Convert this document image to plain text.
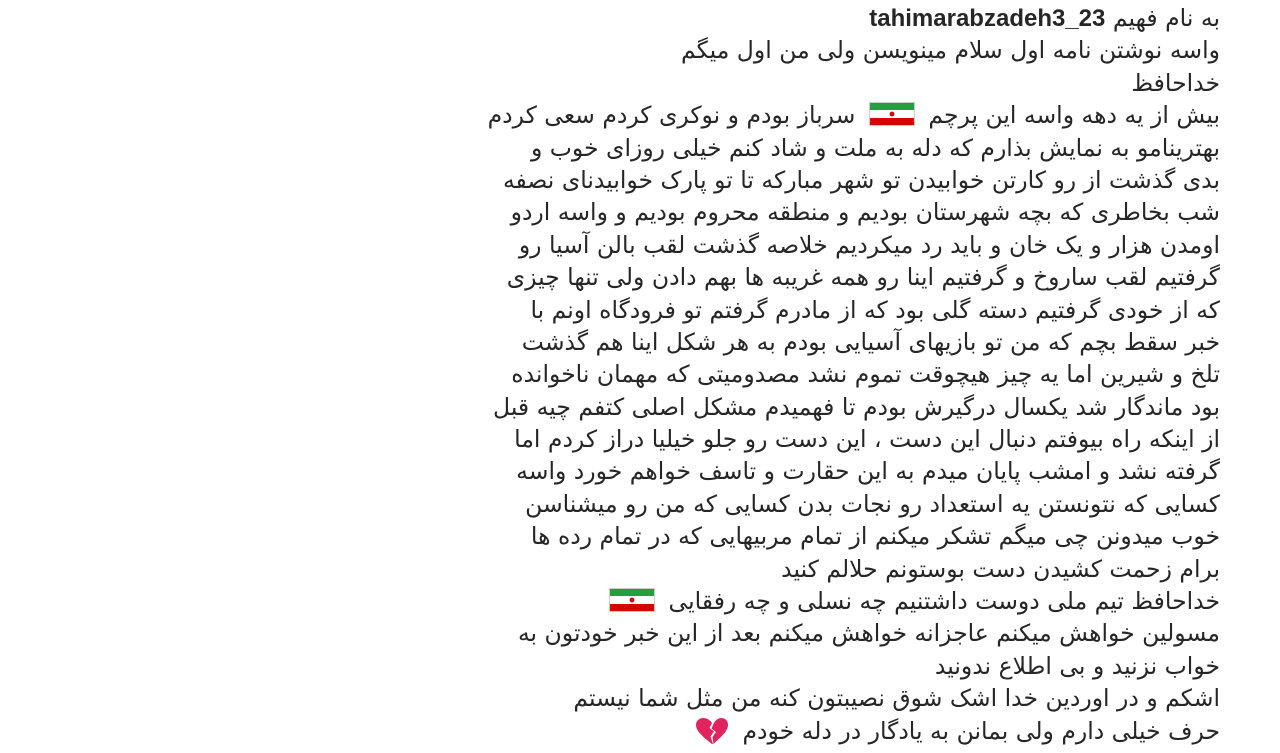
به نام فهیم tahimarabzadeh3_23
واسه نوشتن نامه اول سلام مینویسن ولی من اول میگم
خداحافظ
بیش از یه دهه واسه این پرچم  سرباز بودم و نوکری کردم سعی کردم
بهترینامو به نمایش بذارم که دله به ملت و شاد کنم خیلی روزای خوب و
بدی گذشت از رو کارتن خوابیدن تو شهر مبارکه تا تو پارک خوابیدنای نصفه
شب بخاطری که بچه شهرستان بودیم و منطقه محروم بودیم و واسه اردو
اومدن هزار و یک خان و باید رد میکردیم خلاصه گذشت لقب بالن آسیا رو
گرفتیم لقب ساروخ و گرفتیم اینا رو همه غریبه ها بهم دادن ولی تنها چیزی
که از خودی گرفتیم دسته گلی بود که از مادرم گرفتم تو فرودگاه اونم با
خبر سقط بچم که من تو بازیهای آسیایی بودم به هر شکل اینا هم گذشت
تلخ و شیرین اما یه چیز هیچوقت تموم نشد مصدومیتی که مهمان ناخوانده
بود ماندگار شد یکسال درگیرش بودم تا فهمیدم مشکل اصلی کتفم چیه قبل
از اینکه راه بیوفتم دنبال این دست ، این دست رو جلو خیلیا دراز کردم اما
گرفته نشد و امشب پایان میدم به این حقارت و تاسف خواهم خورد واسه
کسایی که نتونستن یه استعداد رو نجات بدن کسایی که من رو میشناسن
خوب میدونن چی میگم تشکر میکنم از تمام مربیهایی که در تمام رده ها
برام زحمت کشیدن دست بوستونم حلالم کنید
خداحافظ تیم ملی دوست داشتنیم چه نسلی و چه رفقایی
مسولین خواهش میکنم عاجزانه خواهش میکنم بعد از این خبر خودتون به
خواب نزنید و بی اطلاع ندونید
اشکم و در اوردین خدا اشک شوق نصیبتون کنه من مثل شما نیستم
حرف خیلی دارم ولی بمانن به یادگار در دله خودم
